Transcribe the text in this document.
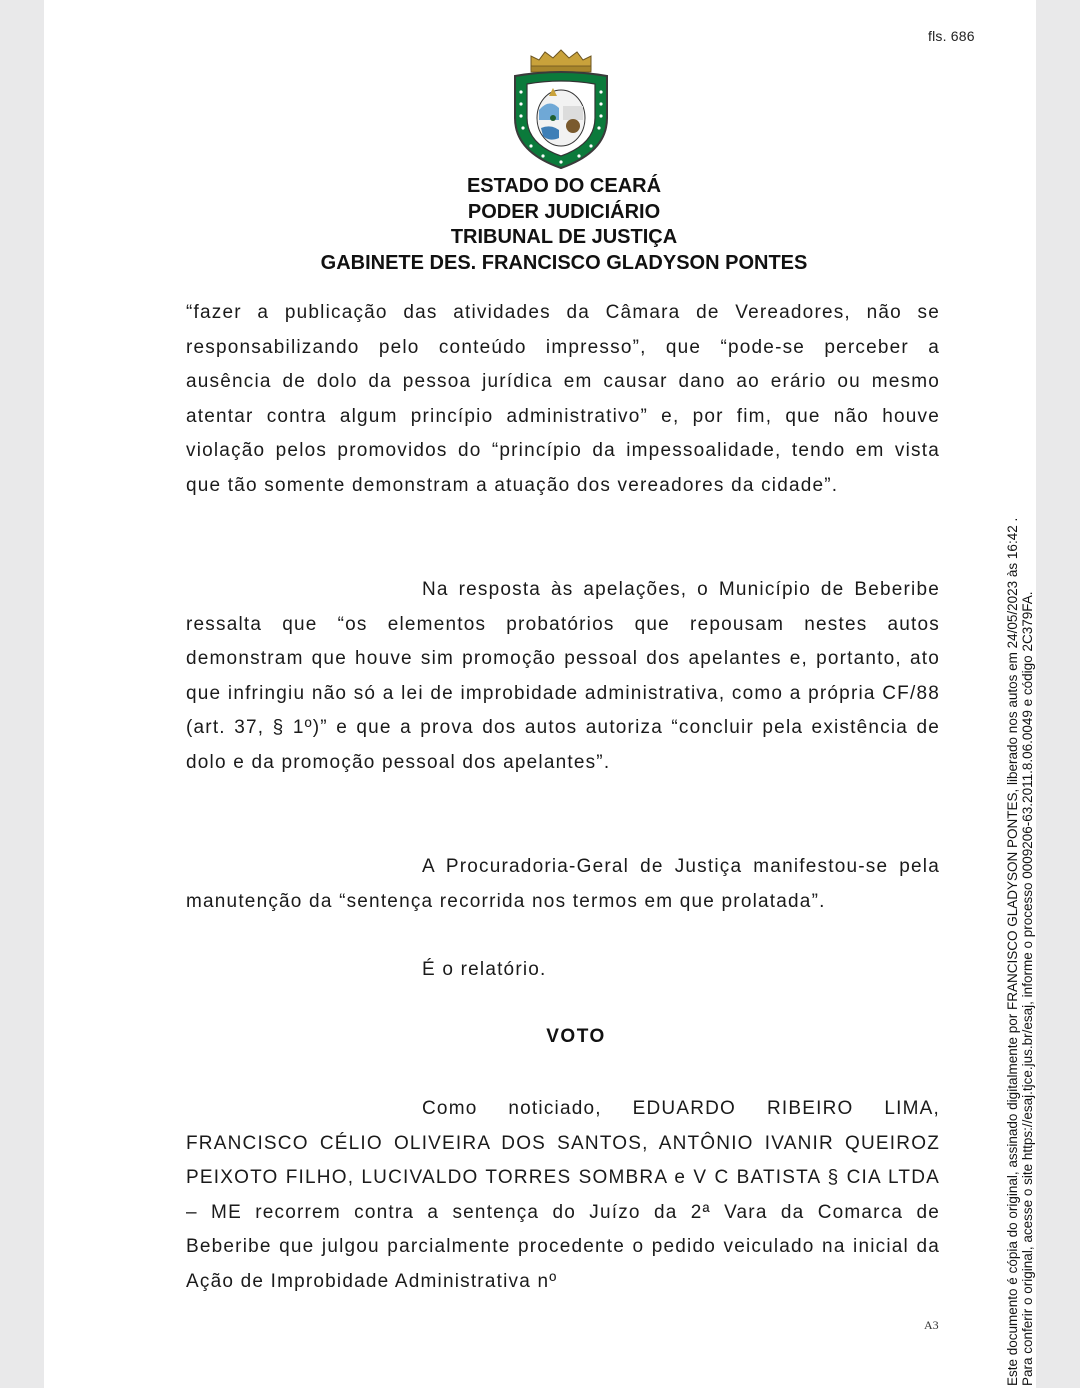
fls. 686
ESTADO DO CEARÁ
PODER JUDICIÁRIO
TRIBUNAL DE JUSTIÇA
GABINETE DES. FRANCISCO GLADYSON PONTES

“fazer a publicação das atividades da Câmara de Vereadores, não se responsabilizando pelo conteúdo impresso”, que “pode-se perceber a ausência de dolo da pessoa jurídica em causar dano ao erário ou mesmo atentar contra algum princípio administrativo” e, por fim, que não houve violação pelos promovidos do “princípio da impessoalidade, tendo em vista que tão somente demonstram a atuação dos vereadores da cidade”.

Na resposta às apelações, o Município de Beberibe ressalta que “os elementos probatórios que repousam nestes autos demonstram que houve sim promoção pessoal dos apelantes e, portanto, ato que infringiu não só a lei de improbidade administrativa, como a própria CF/88 (art. 37, § 1º)” e que a prova dos autos autoriza “concluir pela existência de dolo e da promoção pessoal dos apelantes”.

A Procuradoria-Geral de Justiça manifestou-se pela manutenção da “sentença recorrida nos termos em que prolatada”.

É o relatório.

VOTO

Como noticiado, EDUARDO RIBEIRO LIMA, FRANCISCO CÉLIO OLIVEIRA DOS SANTOS, ANTÔNIO IVANIR QUEIROZ PEIXOTO FILHO, LUCIVALDO TORRES SOMBRA e V C BATISTA § CIA LTDA – ME recorrem contra a sentença do Juízo da 2ª Vara da Comarca de Beberibe que julgou parcialmente procedente o pedido veiculado na inicial da Ação de Improbidade Administrativa nº

A3	Este documento é cópia do original, assinado digitalmente por FRANCISCO GLADYSON PONTES, liberado nos autos em 24/05/2023 às 16:42 . Para conferir o original, acesse o site https://esaj.tjce.jus.br/esaj, informe o processo 0009206-63.2011.8.06.0049 e código 2C379FA.
